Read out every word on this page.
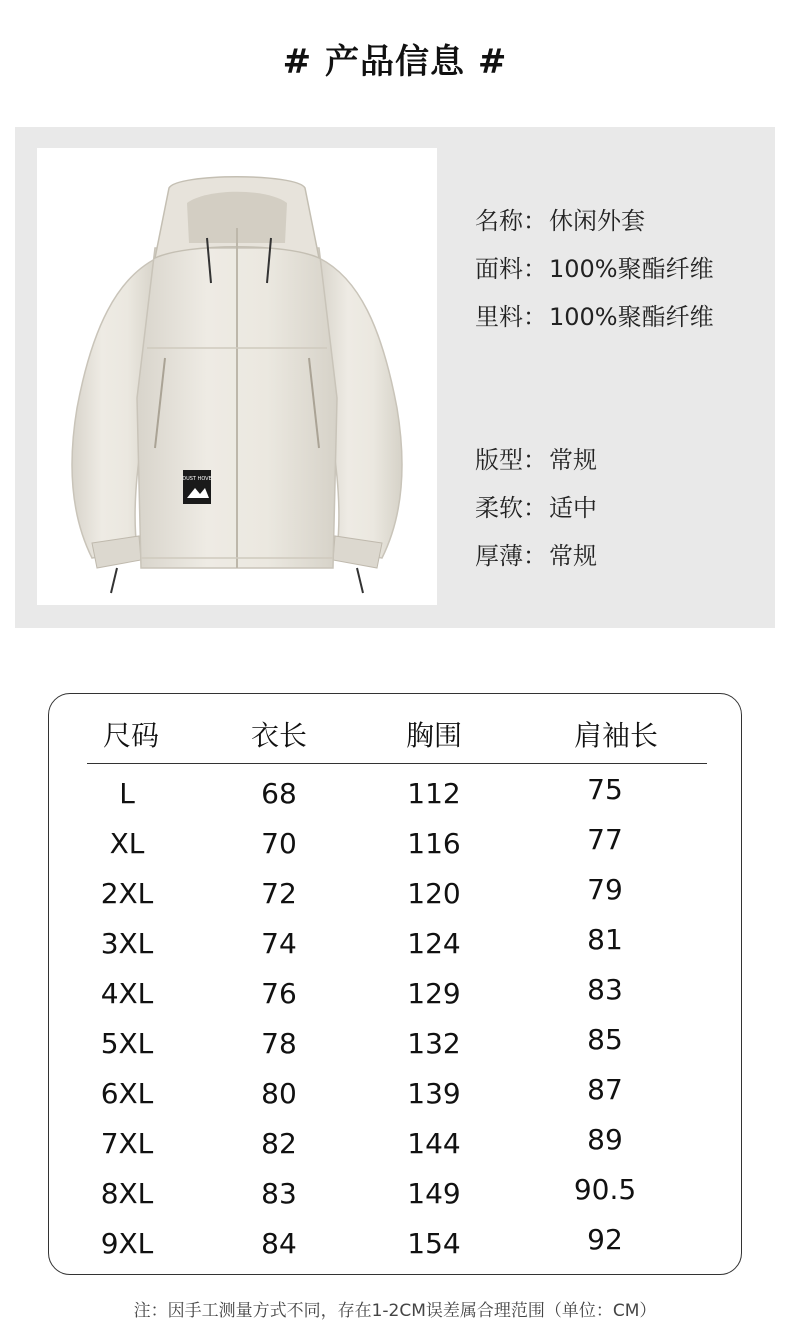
# 产品信息 #
DUST HOVE
名称：休闲外套
面料：100%聚酯纤维
里料：100%聚酯纤维
版型：常规
柔软：适中
厚薄：常规
尺码	衣长	胸围	肩袖长
L	68	112	75
XL	70	116	77
2XL	72	120	79
3XL	74	124	81
4XL	76	129	83
5XL	78	132	85
6XL	80	139	87
7XL	82	144	89
8XL	83	149	90.5
9XL	84	154	92
注：因手工测量方式不同，存在1-2CM误差属合理范围（单位：CM）
